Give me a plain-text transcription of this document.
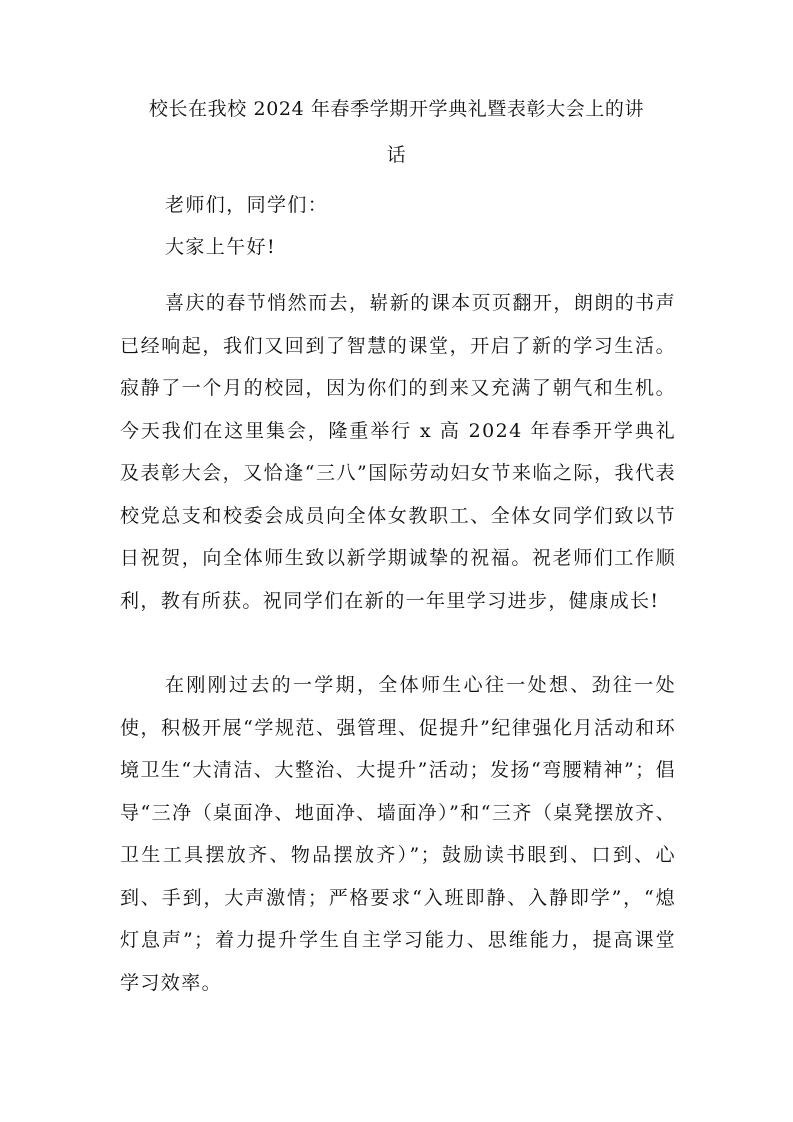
校长在我校 2024 年春季学期开学典礼暨表彰大会上的讲
话

老师们，同学们：

大家上午好!

喜庆的春节悄然而去，崭新的课本页页翻开，朗朗的书声已经响起，我们又回到了智慧的课堂，开启了新的学习生活。寂静了一个月的校园，因为你们的到来又充满了朝气和生机。今天我们在这里集会，隆重举行 x 高 2024 年春季开学典礼及表彰大会，又恰逢“三八”国际劳动妇女节来临之际，我代表校党总支和校委会成员向全体女教职工、全体女同学们致以节日祝贺，向全体师生致以新学期诚挚的祝福。祝老师们工作顺利，教有所获。祝同学们在新的一年里学习进步，健康成长!

在刚刚过去的一学期，全体师生心往一处想、劲往一处使，积极开展“学规范、强管理、促提升”纪律强化月活动和环境卫生“大清洁、大整治、大提升”活动；发扬“弯腰精神”；倡导“三净（桌面净、地面净、墙面净）”和“三齐（桌凳摆放齐、卫生工具摆放齐、物品摆放齐）”；鼓励读书眼到、口到、心到、手到，大声激情；严格要求“入班即静、入静即学”，“熄灯息声”；着力提升学生自主学习能力、思维能力，提高课堂学习效率。
